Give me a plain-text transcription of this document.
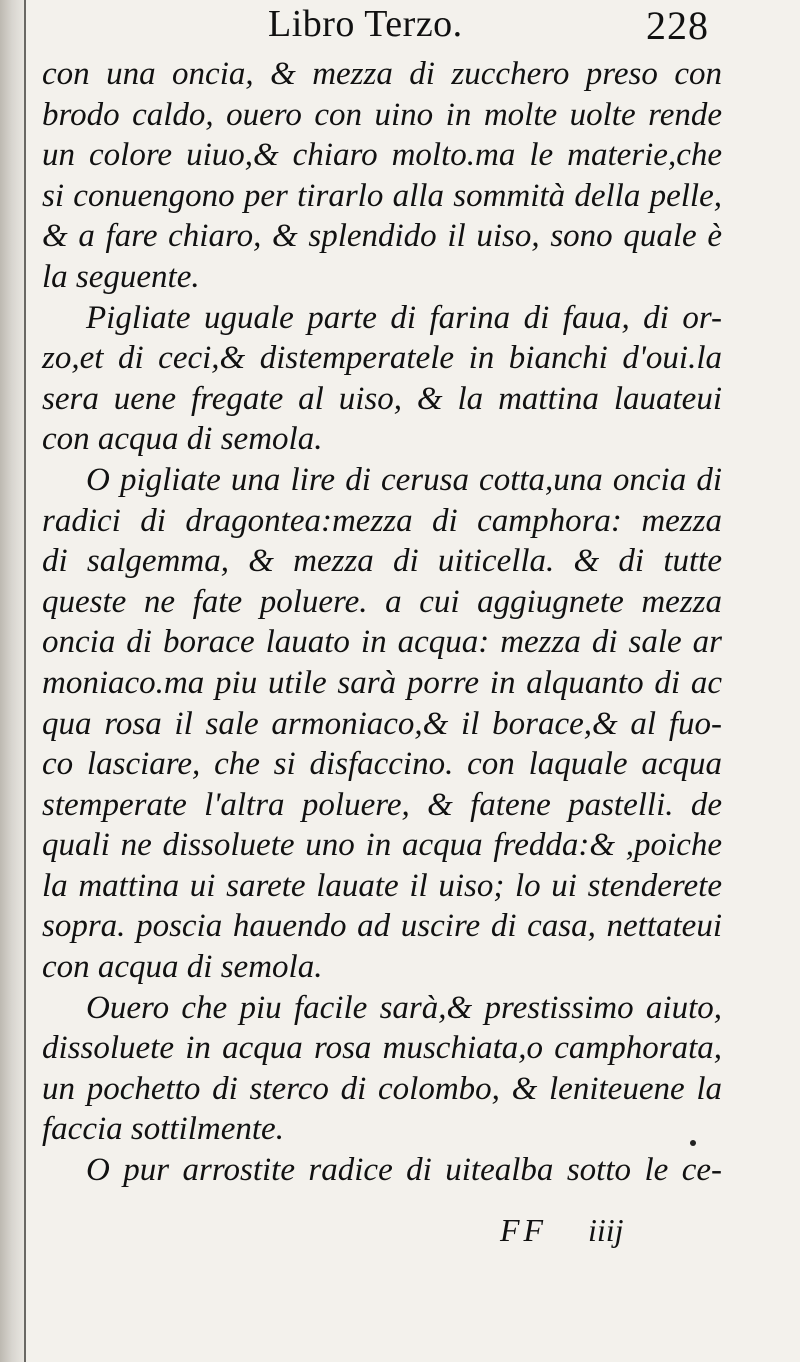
Libro Terzo.	228
con una oncia, & mezza di zucchero preso con
brodo caldo, ouero con uino in molte uolte rende
un colore uiuo,& chiaro molto.ma le materie,che
si conuengono per tirarlo alla sommità della pelle,
& a fare chiaro, & splendido il uiso, sono quale è
la seguente.
Pigliate uguale parte di farina di faua, di or-
zo,et di ceci,& distemperatele in bianchi d'oui.la
sera uene fregate al uiso, & la mattina lauateui
con acqua di semola.
O pigliate una lire di cerusa cotta,una oncia di
radici di dragontea:mezza di camphora: mezza
di salgemma, & mezza di uiticella. & di tutte
queste ne fate poluere. a cui aggiugnete mezza
oncia di borace lauato in acqua: mezza di sale ar
moniaco.ma piu utile sarà porre in alquanto di ac
qua rosa il sale armoniaco,& il borace,& al fuo-
co lasciare, che si disfaccino. con laquale acqua
stemperate l'altra poluere, & fatene pastelli. de
quali ne dissoluete uno in acqua fredda:& ,poiche
la mattina ui sarete lauate il uiso; lo ui stenderete
sopra. poscia hauendo ad uscire di casa, nettateui
con acqua di semola.
Ouero che piu facile sarà,& prestissimo aiuto,
dissoluete in acqua rosa muschiata,o camphorata,
un pochetto di sterco di colombo, & leniteuene la
faccia sottilmente.
O pur arrostite radice di uitealba sotto le ce-
FF iiij
